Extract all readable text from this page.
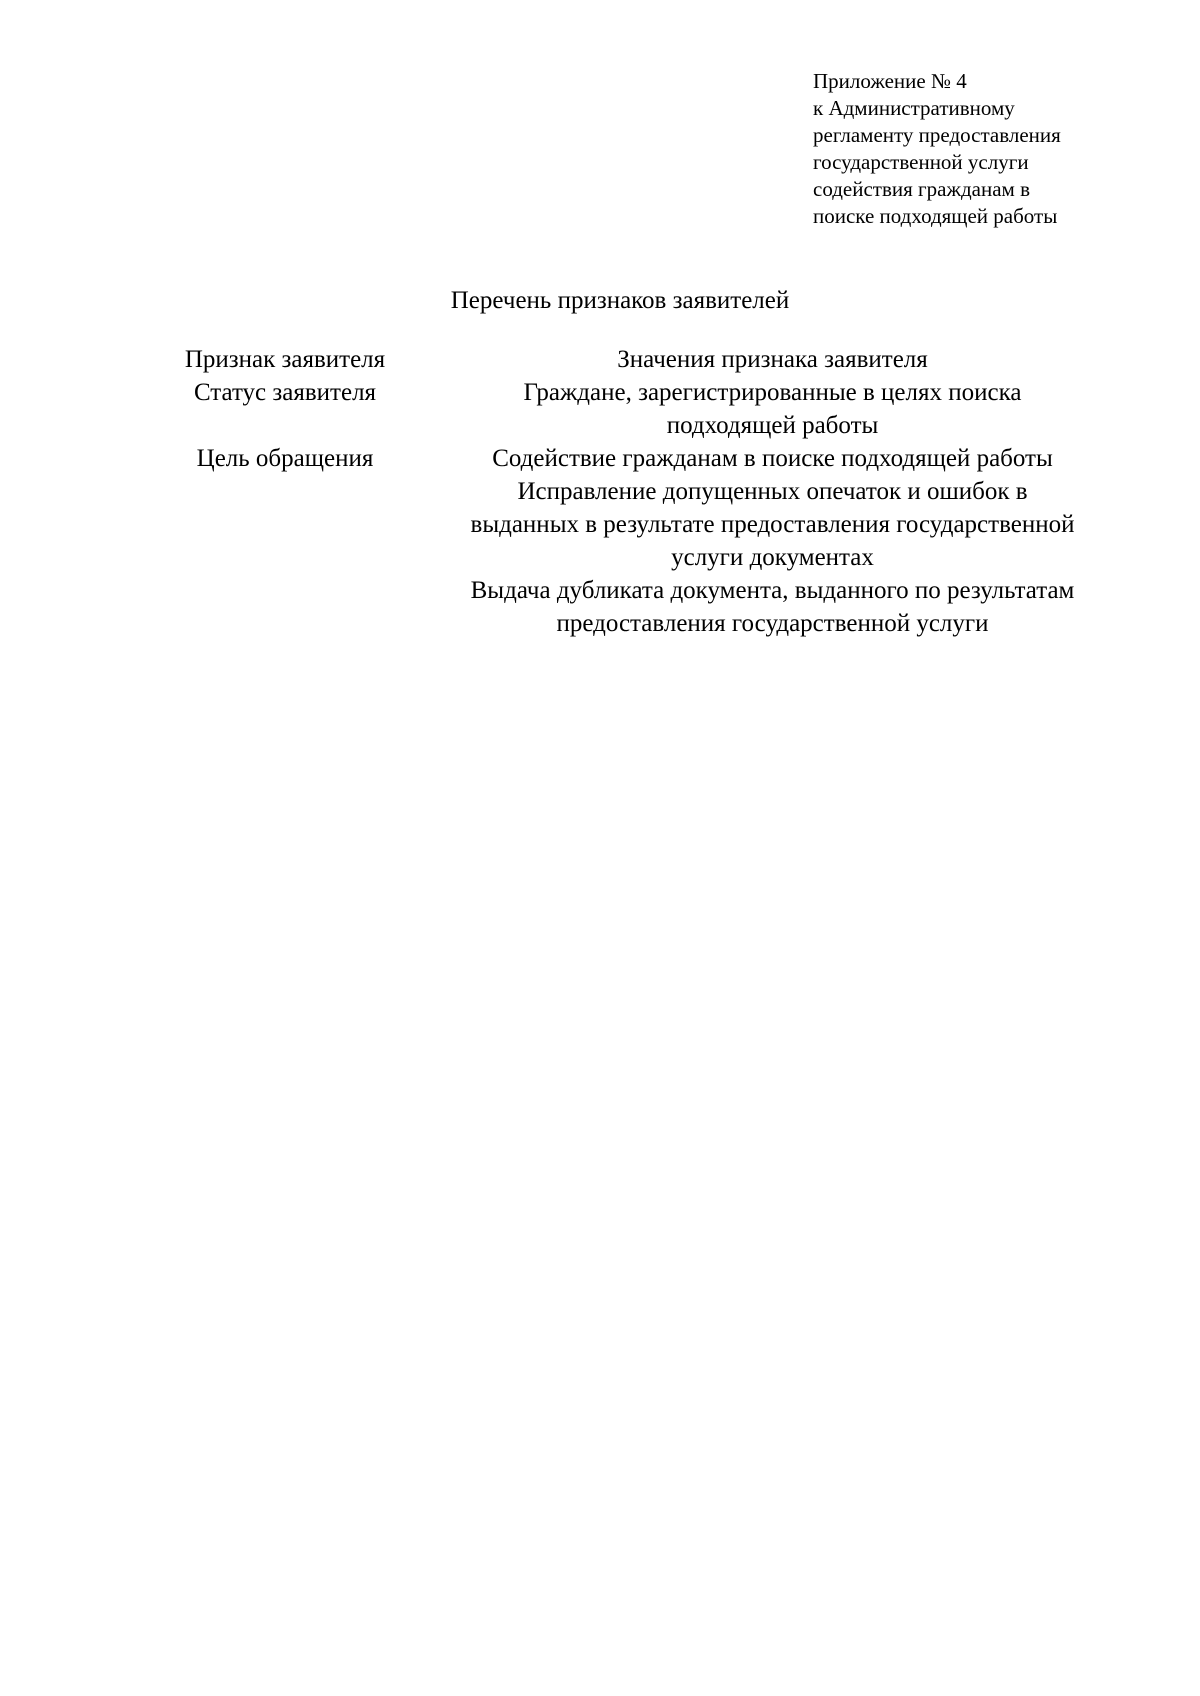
Приложение № 4
к Административному
регламенту предоставления
государственной услуги
содействия гражданам в
поиске подходящей работы
Перечень признаков заявителей
Признак заявителя	Значения признака заявителя
Статус заявителя	Граждане, зарегистрированные в целях поиска
подходящей работы
Цель обращения	Содействие гражданам в поиске подходящей работы
Исправление допущенных опечаток и ошибок в
выданных в результате предоставления государственной
услуги документах
Выдача дубликата документа, выданного по результатам
предоставления государственной услуги
